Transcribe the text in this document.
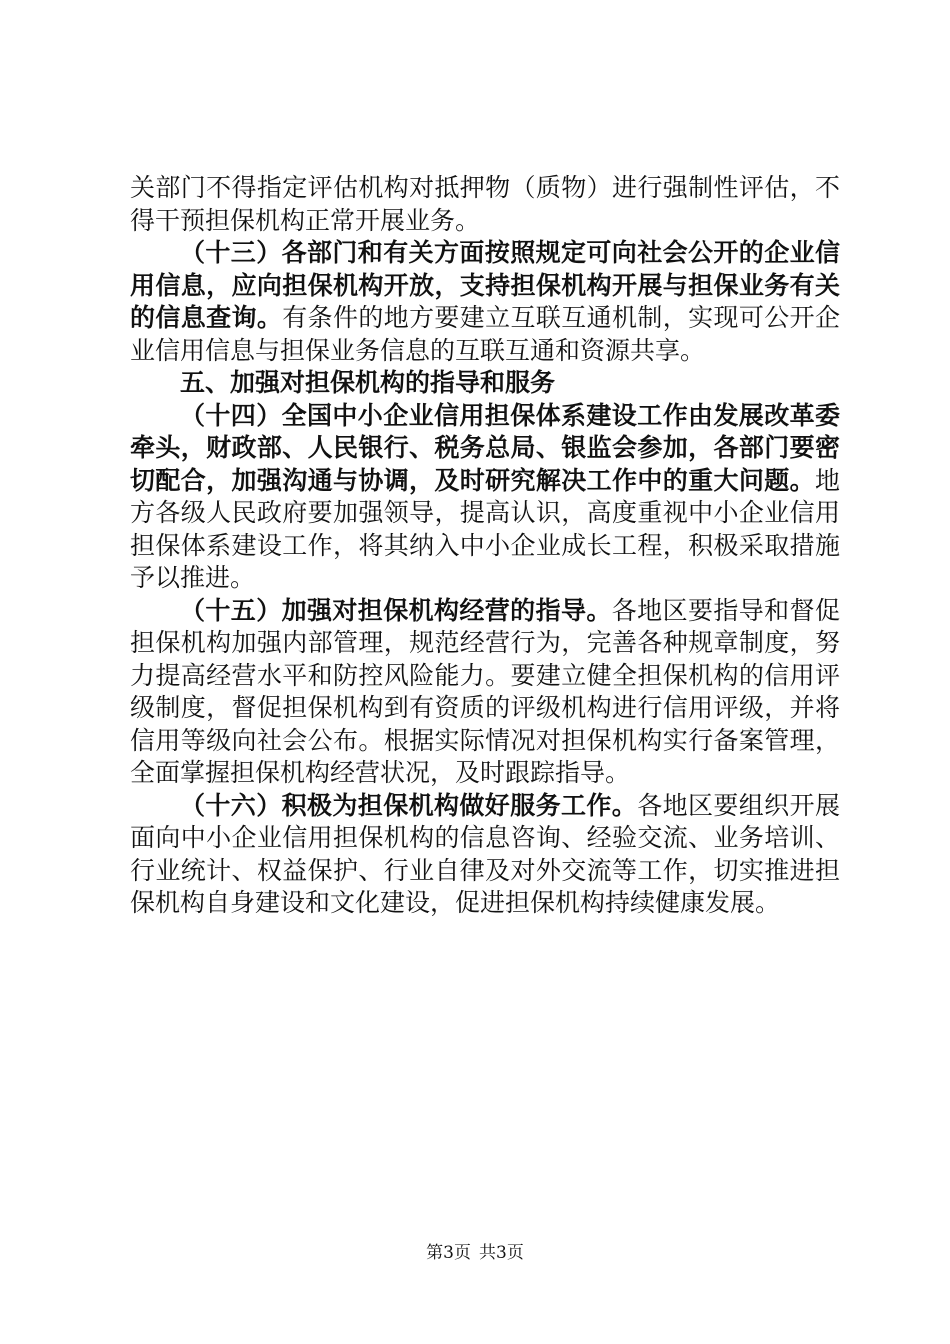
关部门不得指定评估机构对抵押物（质物）进行强制性评估，不得干预担保机构正常开展业务。

（十三）各部门和有关方面按照规定可向社会公开的企业信用信息，应向担保机构开放，支持担保机构开展与担保业务有关的信息查询。有条件的地方要建立互联互通机制，实现可公开企业信用信息与担保业务信息的互联互通和资源共享。

五、加强对担保机构的指导和服务

（十四）全国中小企业信用担保体系建设工作由发展改革委牵头，财政部、人民银行、税务总局、银监会参加，各部门要密切配合，加强沟通与协调，及时研究解决工作中的重大问题。地方各级人民政府要加强领导，提高认识，高度重视中小企业信用担保体系建设工作，将其纳入中小企业成长工程，积极采取措施予以推进。

（十五）加强对担保机构经营的指导。各地区要指导和督促担保机构加强内部管理，规范经营行为，完善各种规章制度，努力提高经营水平和防控风险能力。要建立健全担保机构的信用评级制度，督促担保机构到有资质的评级机构进行信用评级，并将信用等级向社会公布。根据实际情况对担保机构实行备案管理，全面掌握担保机构经营状况，及时跟踪指导。

（十六）积极为担保机构做好服务工作。各地区要组织开展面向中小企业信用担保机构的信息咨询、经验交流、业务培训、行业统计、权益保护、行业自律及对外交流等工作，切实推进担保机构自身建设和文化建设，促进担保机构持续健康发展。

第3页 共3页
